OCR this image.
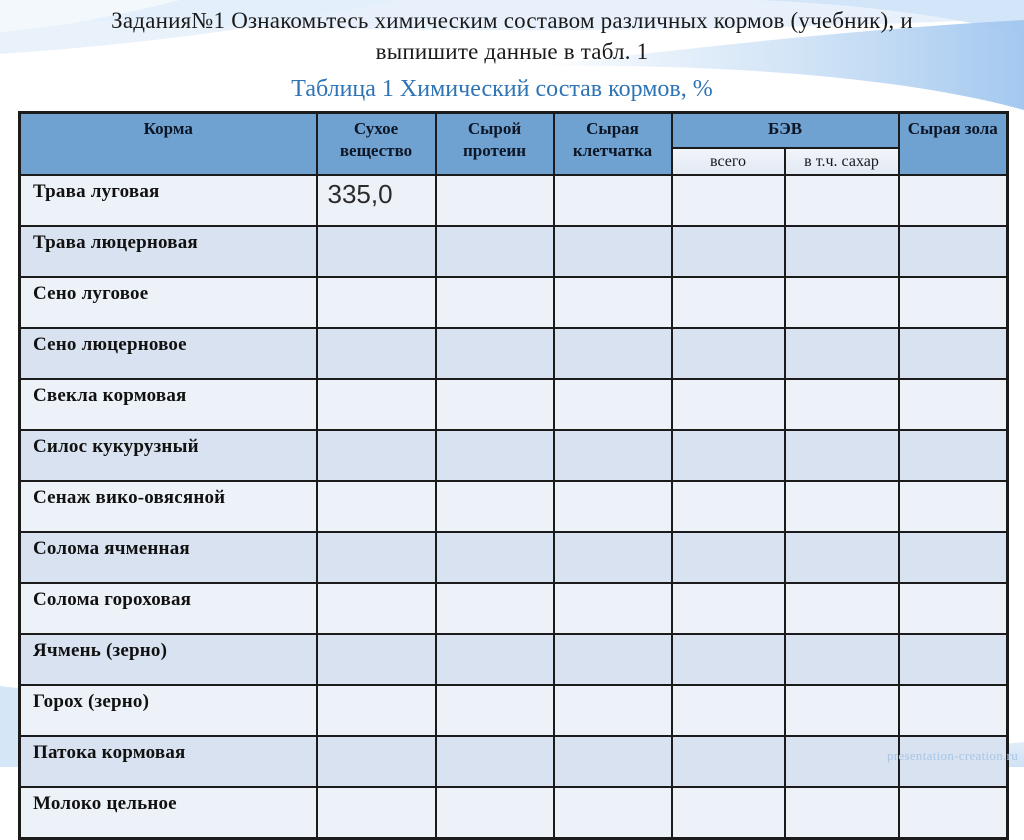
Задания№1 Ознакомьтесь химическим составом различных кормов (учебник), и
выпишите данные в табл. 1
Таблица 1 Химический состав кормов, %
Корма	Сухое вещество	Сырой протеин	Сырая клетчатка	БЭВ		Сырая зола
				всего	в т.ч. сахар	
Трава луговая	335,0					
Трава люцерновая						
Сено луговое						
Сено люцерновое						
Свекла кормовая						
Силос кукурузный						
Сенаж вико-овясяной						
Солома ячменная						
Солома гороховая						
Ячмень (зерно)						
Горох (зерно)						
Патока кормовая						
Молоко цельное						
presentation-creation.ru
